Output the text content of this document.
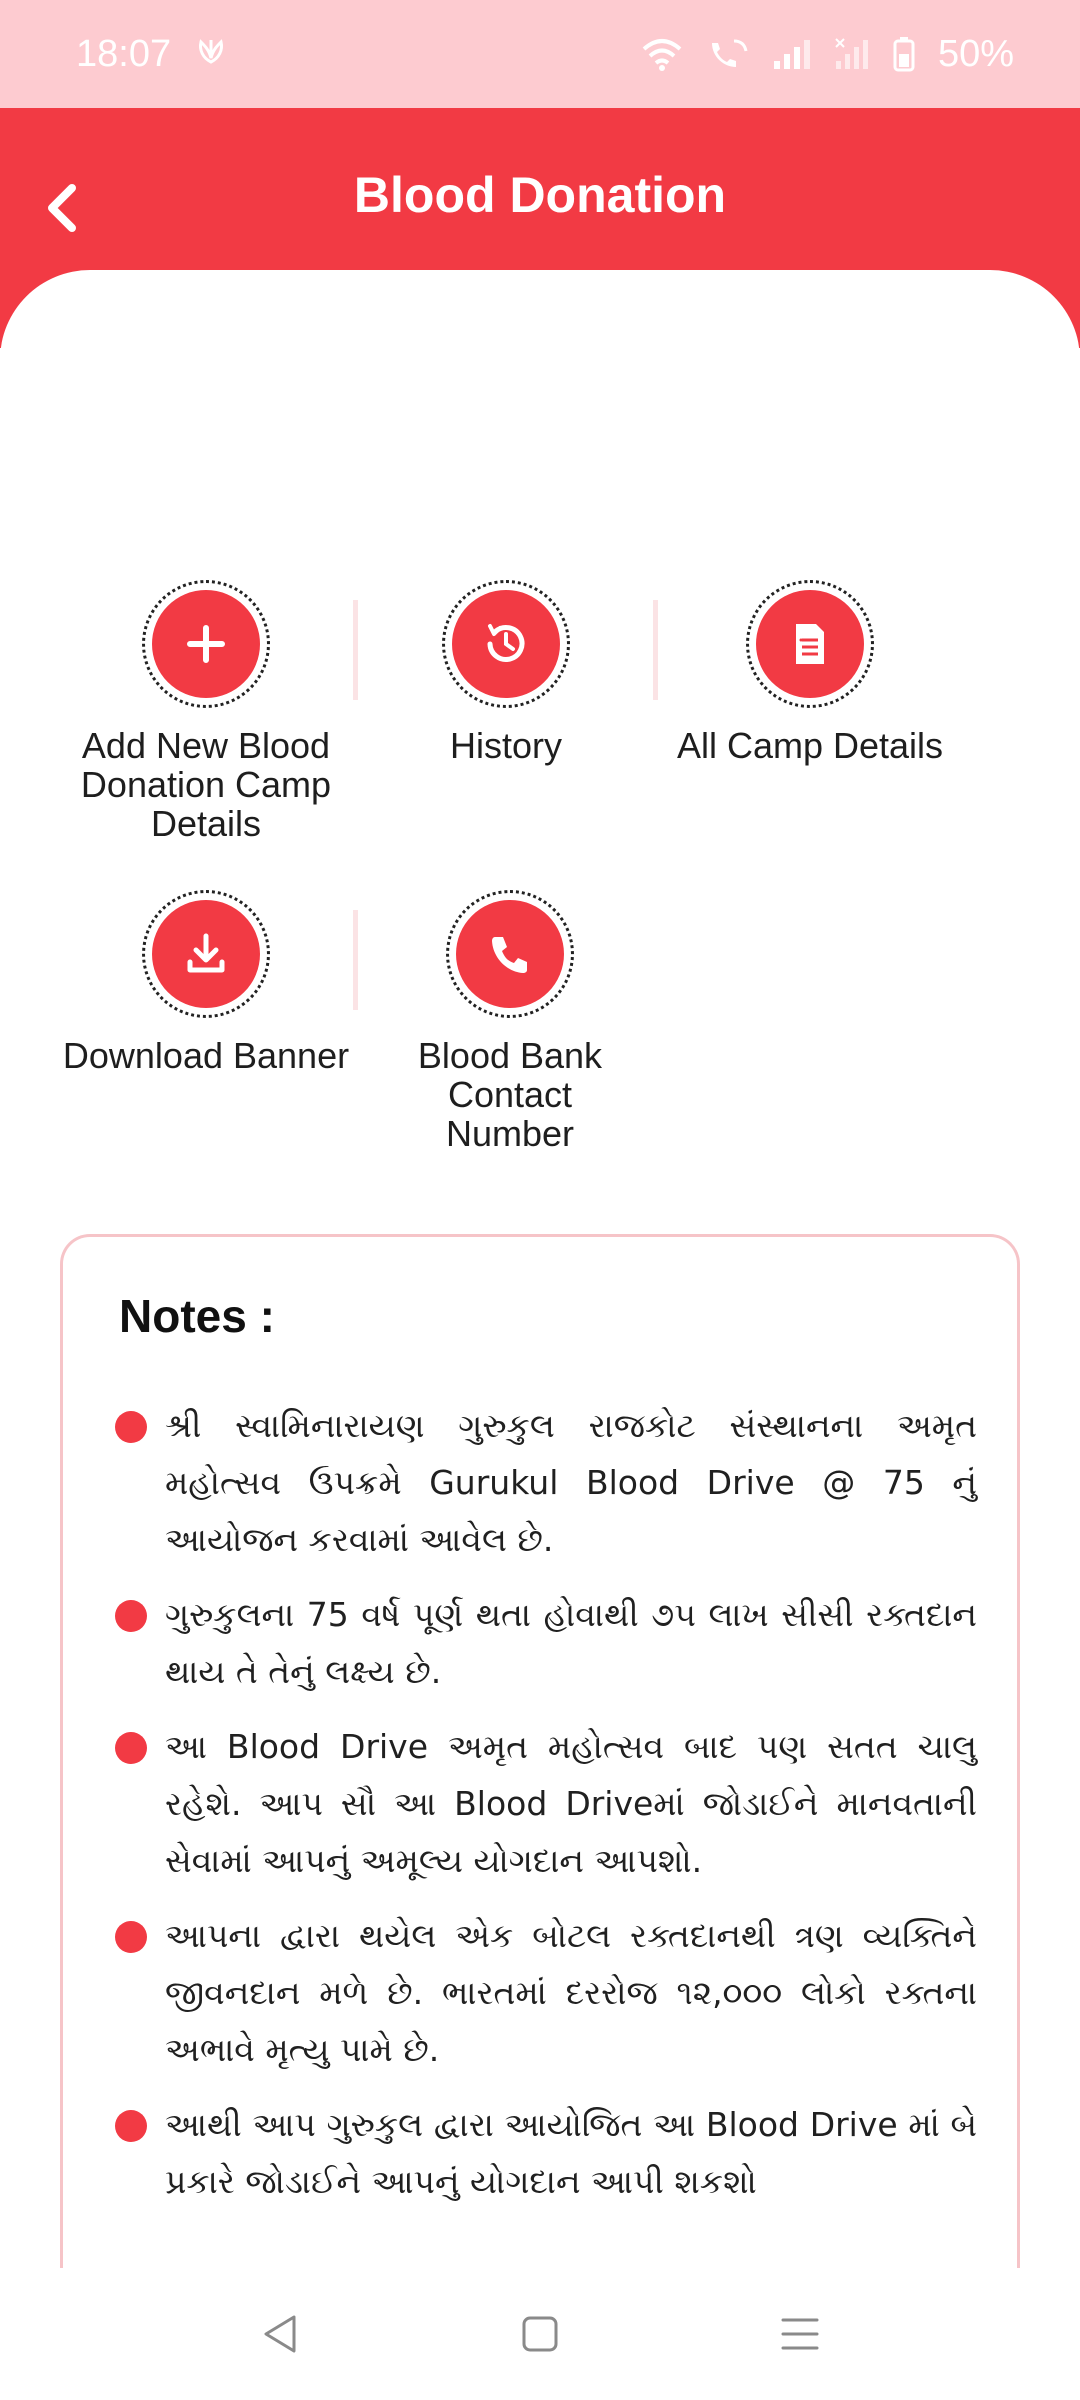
18:07	50%
Blood Donation
Add New Blood Donation Camp Details
History	All Camp Details
Download Banner	Blood Bank Contact Number
Notes :
શ્રી સ્વામિનારાયણ ગુરુકુલ રાજકોટ સંસ્થાનના અમૃત મહોત્સવ ઉપક્રમે Gurukul Blood Drive @ 75 નું આયોજન કરવામાં આવેલ છે.
ગુરુકુલના 75 વર્ષ પૂર્ણ થતા હોવાથી ૭૫ લાખ સીસી રક્તદાન થાય તે તેનું લક્ષ્ય છે.
આ Blood Drive અમૃત મહોત્સવ બાદ પણ સતત ચાલુ રહેશે. આપ સૌ આ Blood Driveમાં જોડાઈને માનવતાની સેવામાં આપનું અમૂલ્ય યોગદાન આપશો.
આપના દ્વારા થયેલ એક બોટલ રક્તદાનથી ત્રણ વ્યક્તિને જીવનદાન મળે છે. ભારતમાં દરરોજ ૧૨,૦૦૦ લોકો રક્તના અભાવે મૃત્યુ પામે છે.
આથી આપ ગુરુકુલ દ્વારા આયોજિત આ Blood Drive માં બે પ્રકારે જોડાઈને આપનું યોગદાન આપી શકશો
